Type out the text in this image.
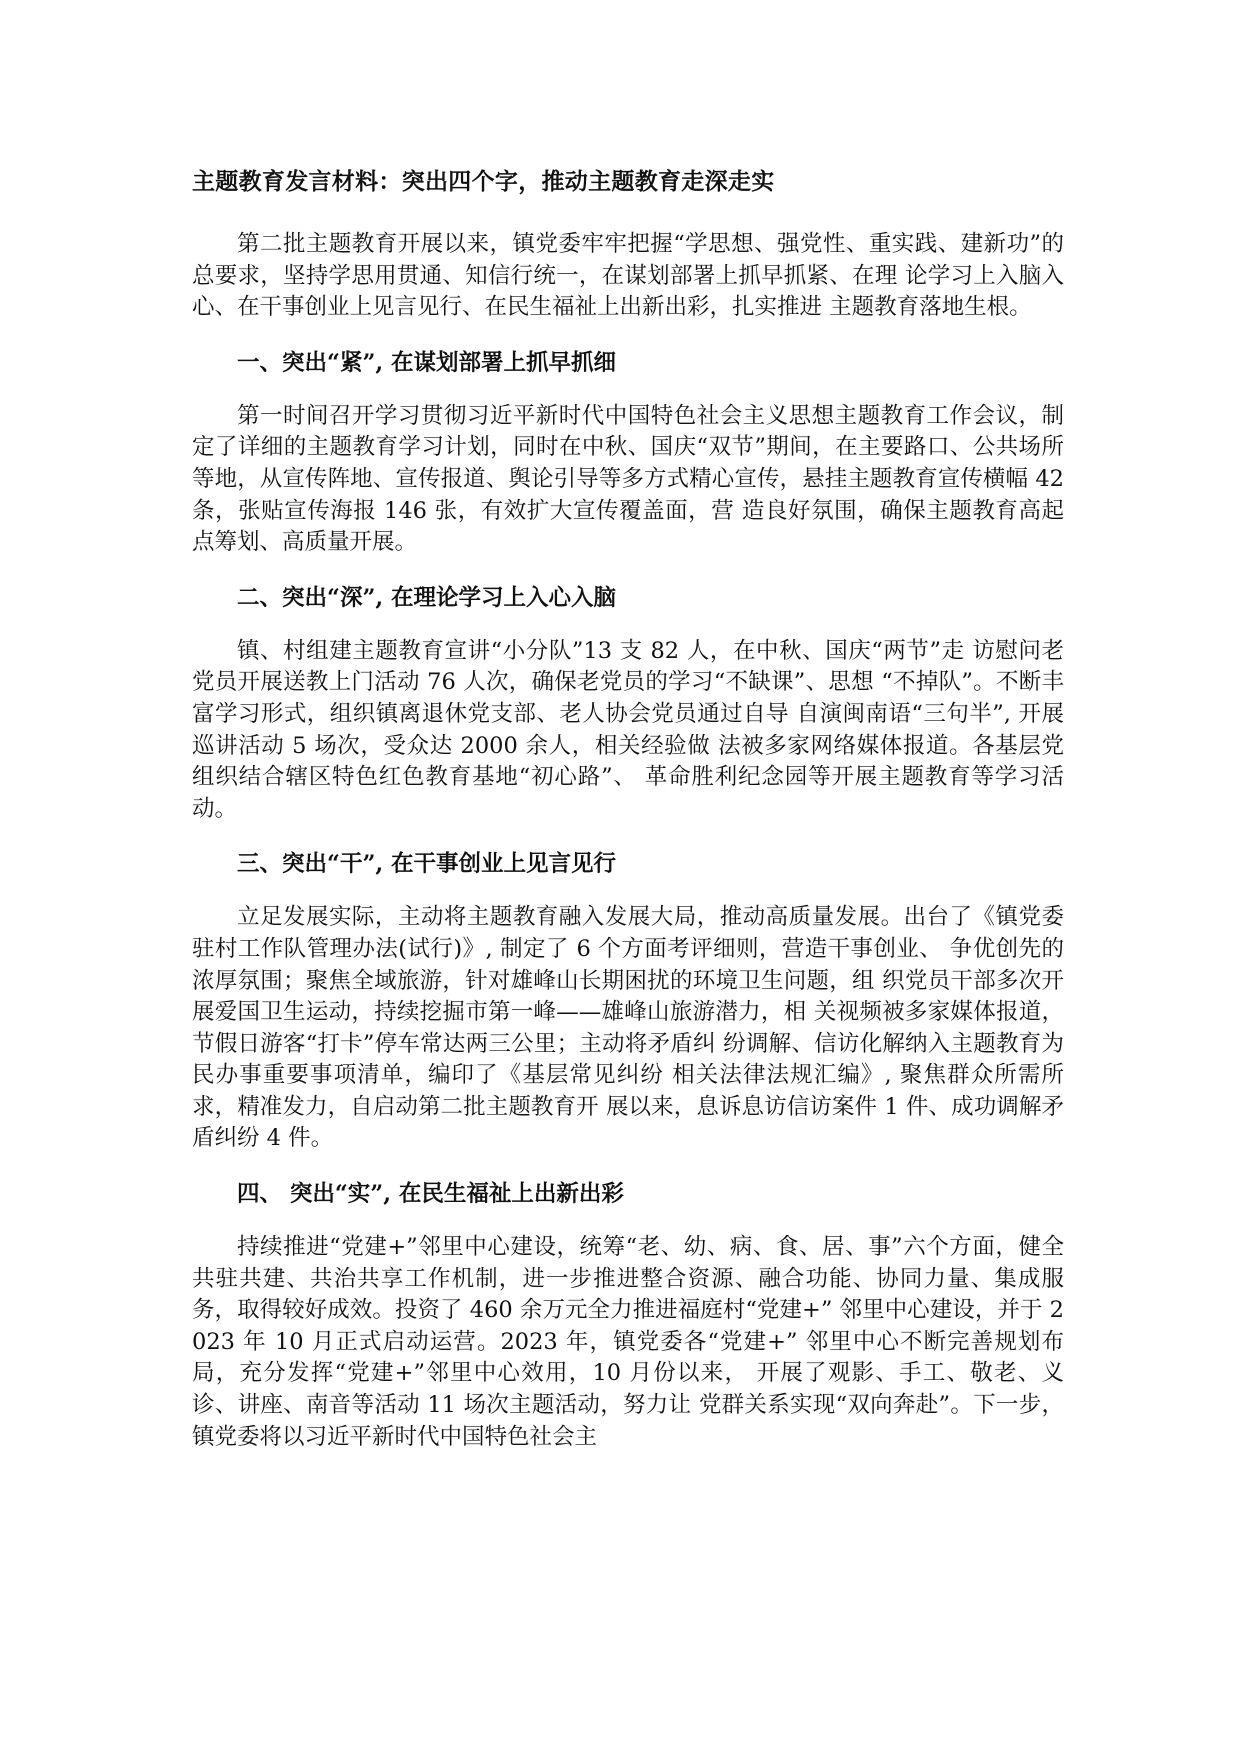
主题教育发言材料：突出四个字，推动主题教育走深走实

第二批主题教育开展以来，镇党委牢牢把握“学思想、强党性、重实践、建新功”的总要求，坚持学思用贯通、知信行统一，在谋划部署上抓早抓紧、在理 论学习上入脑入心、在干事创业上见言见行、在民生福祉上出新出彩，扎实推进 主题教育落地生根。

一、突出“紧”, 在谋划部署上抓早抓细

第一时间召开学习贯彻习近平新时代中国特色社会主义思想主题教育工作会议，制定了详细的主题教育学习计划，同时在中秋、国庆“双节”期间，在主要路口、公共场所等地，从宣传阵地、宣传报道、舆论引导等多方式精心宣传，悬挂主题教育宣传横幅 42 条，张贴宣传海报 146 张，有效扩大宣传覆盖面，营 造良好氛围，确保主题教育高起点筹划、高质量开展。

二、突出“深”, 在理论学习上入心入脑

镇、村组建主题教育宣讲“小分队”13 支 82 人，在中秋、国庆“两节”走 访慰问老党员开展送教上门活动 76 人次，确保老党员的学习“不缺课”、思想 “不掉队”。不断丰富学习形式，组织镇离退休党支部、老人协会党员通过自导 自演闽南语“三句半”, 开展巡讲活动 5 场次，受众达 2000 余人，相关经验做 法被多家网络媒体报道。各基层党组织结合辖区特色红色教育基地“初心路”、 革命胜利纪念园等开展主题教育等学习活动。

三、突出“干”, 在干事创业上见言见行

立足发展实际，主动将主题教育融入发展大局，推动高质量发展。出台了《镇党委驻村工作队管理办法(试行)》, 制定了 6 个方面考评细则，营造干事创业、 争优创先的浓厚氛围；聚焦全域旅游，针对雄峰山长期困扰的环境卫生问题，组 织党员干部多次开展爱国卫生运动，持续挖掘市第一峰——雄峰山旅游潜力，相 关视频被多家媒体报道，节假日游客“打卡”停车常达两三公里；主动将矛盾纠 纷调解、信访化解纳入主题教育为民办事重要事项清单，编印了《基层常见纠纷 相关法律法规汇编》, 聚焦群众所需所求，精准发力，自启动第二批主题教育开 展以来，息诉息访信访案件 1 件、成功调解矛盾纠纷 4 件。

四、 突出“实”, 在民生福祉上出新出彩

持续推进“党建+”邻里中心建设，统筹“老、幼、病、食、居、事”六个方面，健全共驻共建、共治共享工作机制，进一步推进整合资源、融合功能、协同力量、集成服务，取得较好成效。投资了 460 余万元全力推进福庭村“党建+” 邻里中心建设，并于 2023 年 10 月正式启动运营。2023 年，镇党委各“党建+” 邻里中心不断完善规划布局，充分发挥“党建+”邻里中心效用，10 月份以来， 开展了观影、手工、敬老、义诊、讲座、南音等活动 11 场次主题活动，努力让 党群关系实现“双向奔赴”。下一步，镇党委将以习近平新时代中国特色社会主
